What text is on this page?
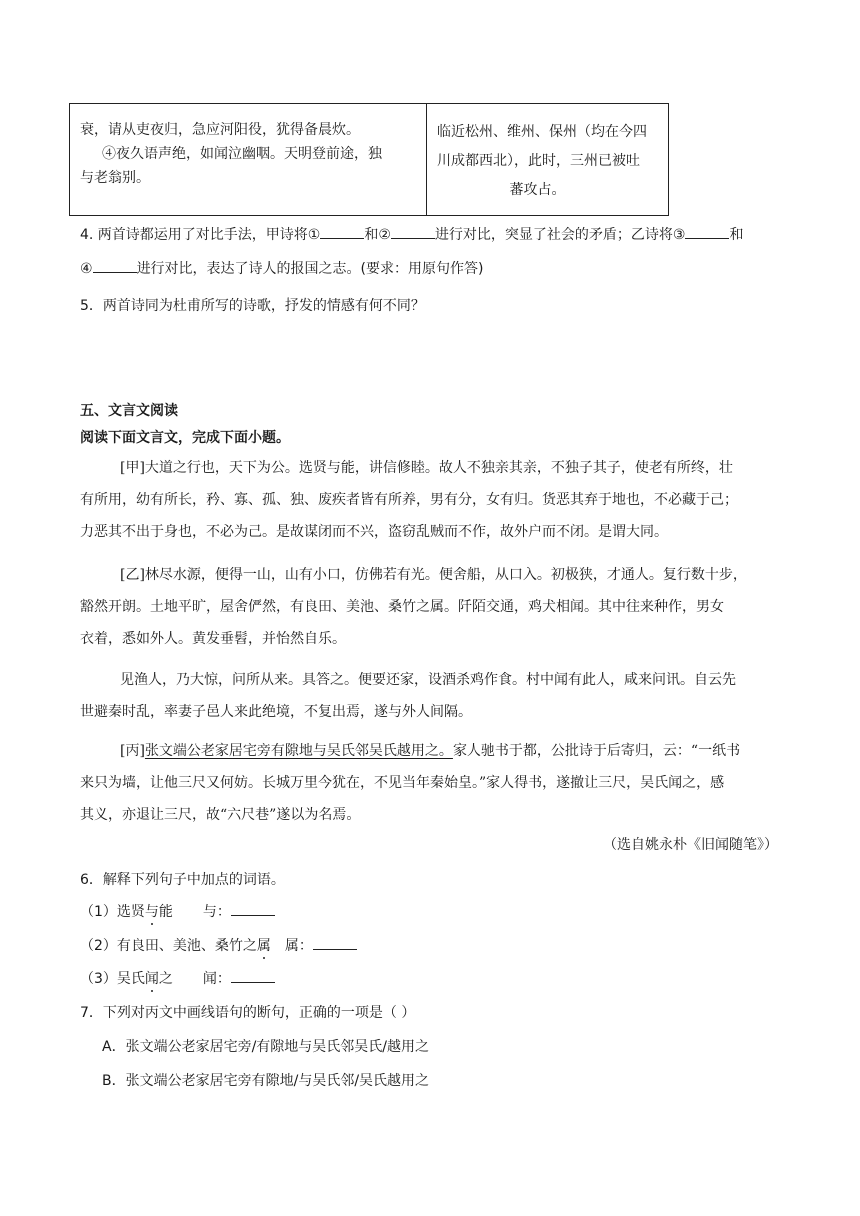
衰，请从吏夜归，急应河阳役，犹得备晨炊。
④夜久语声绝，如闻泣幽咽。天明登前途，独
与老翁别。
临近松州、维州、保州（均在今四
川成都西北），此时，三州已被吐
蕃攻占。
4. 两首诗都运用了对比手法，甲诗将①	和②	进行对比，突显了社会的矛盾；乙诗将③	和
④	进行对比，表达了诗人的报国之志。(要求：用原句作答)
5．两首诗同为杜甫所写的诗歌，抒发的情感有何不同？
五、文言文阅读
阅读下面文言文，完成下面小题。
[甲]大道之行也，天下为公。选贤与能，讲信修睦。故人不独亲其亲，不独子其子，使老有所终，壮
有所用，幼有所长，矜、寡、孤、独、废疾者皆有所养，男有分，女有归。货恶其弃于地也，不必藏于己；
力恶其不出于身也，不必为己。是故谋闭而不兴，盗窃乱贼而不作，故外户而不闭。是谓大同。
[乙]林尽水源，便得一山，山有小口，仿佛若有光。便舍船，从口入。初极狭，才通人。复行数十步，
豁然开朗。土地平旷，屋舍俨然，有良田、美池、桑竹之属。阡陌交通，鸡犬相闻。其中往来种作，男女
衣着，悉如外人。黄发垂髫，并怡然自乐。
见渔人，乃大惊，问所从来。具答之。便要还家，设酒杀鸡作食。村中闻有此人，咸来问讯。自云先
世避秦时乱，率妻子邑人来此绝境，不复出焉，遂与外人间隔。
[丙]张文端公老家居宅旁有隙地与吴氏邻吴氏越用之。家人驰书于都，公批诗于后寄归，云：“一纸书
来只为墙，让他三尺又何妨。长城万里今犹在，不见当年秦始皇。”家人得书，遂撤让三尺，吴氏闻之，感
其义，亦退让三尺，故“六尺巷”遂以为名焉。
（选自姚永朴《旧闻随笔》）
6．解释下列句子中加点的词语。
（1）选贤与能 与：
（2）有良田、美池、桑竹之属 属：
（3）吴氏闻之 闻：
7．下列对丙文中画线语句的断句，正确的一项是（ ）
A．张文端公老家居宅旁/有隙地与吴氏邻吴氏/越用之
B．张文端公老家居宅旁有隙地/与吴氏邻/吴氏越用之
